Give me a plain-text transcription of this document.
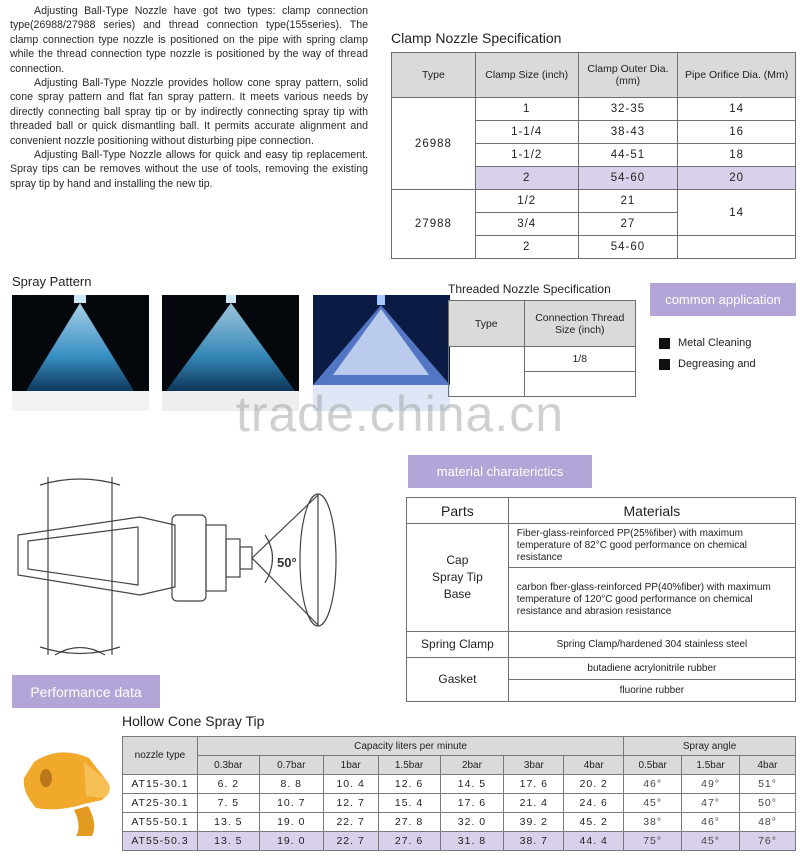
Adjusting Ball-Type Nozzle have got two types: clamp connection type(26988/27988 series) and thread connection type(155series). The clamp connection type nozzle is positioned on the pipe with spring clamp while the thread connection type nozzle is positioned by the way of thread connection.

Adjusting Ball-Type Nozzle provides hollow cone spray pattern, solid cone spray pattern and flat fan spray pattern. It meets various needs by directly connecting ball spray tip or by indirectly connecting spray tip with threaded ball or quick dismantling ball. It permits accurate alignment and convenient nozzle positioning without disturbing pipe connection.

Adjusting Ball-Type Nozzle allows for quick and easy tip replacement. Spray tips can be removes without the use of tools, removing the existing spray tip by hand and installing the new tip.

Clamp Nozzle Specification
Type	Clamp Size (inch)	Clamp Outer Dia. (mm)	Pipe Orifice Dia. (Mm)
26988	1	32-35	14
	1-1/4	38-43	16
	1-1/2	44-51	18
	2	54-60	20
27988	1/2	21	14
	3/4	27	
	2	54-60	
Spray Pattern	Threaded Nozzle Specification
Type	Connection Thread Size (inch)
	1/8

common application
Metal Cleaning
Degreasing and
trade.china.cn
50°
material charaterictics
Parts	Materials

Cap
Spray Tip
Base	Fiber-glass-reinforced PP(25%fiber) with maximum temperature of 82°C good performance on chemical resistance
	carbon fber-glass-reinforced PP(40%fiber) with maximum temperature of 120°C good performance on chemical resistance and abrasion resistance
Spring Clamp	Spring Clamp/hardened 304 stainless steel
Gasket	butadiene acrylonitrile rubber
	fluorine rubber
Performance data
Hollow Cone Spray Tip
nozzle type	Capacity liters per minute							Spray angle		
	0.3bar	0.7bar	1bar	1.5bar	2bar	3bar	4bar	0.5bar	1.5bar	4bar
AT15-30.1	6. 2	8. 8	10. 4	12. 6	14. 5	17. 6	20. 2	46°	49°	51°
AT25-30.1	7. 5	10. 7	12. 7	15. 4	17. 6	21. 4	24. 6	45°	47°	50°
AT55-50.1	13. 5	19. 0	22. 7	27. 8	32. 0	39. 2	45. 2	38°	46°	48°
AT55-50.3	13. 5	19. 0	22. 7	27. 6	31. 8	38. 7	44. 4	75°	45°	76°
